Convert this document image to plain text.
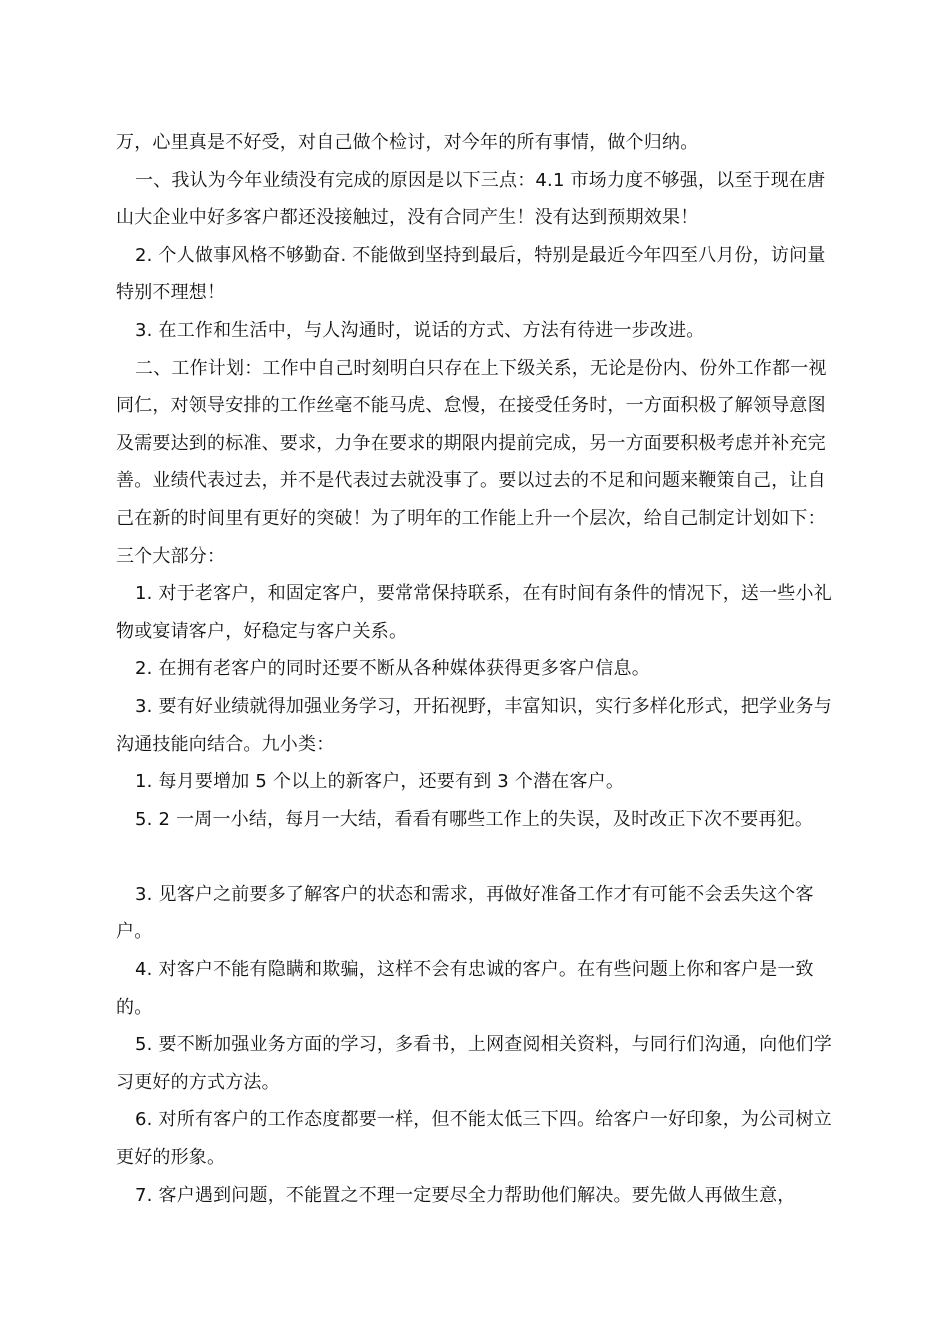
万，心里真是不好受，对自己做个检讨，对今年的所有事情，做个归纳。

一、我认为今年业绩没有完成的原因是以下三点：4.1 市场力度不够强，以至于现在唐山大企业中好多客户都还没接触过，没有合同产生！没有达到预期效果！

2. 个人做事风格不够勤奋. 不能做到坚持到最后，特别是最近今年四至八月份，访问量特别不理想！

3. 在工作和生活中，与人沟通时，说话的方式、方法有待进一步改进。

二、工作计划：工作中自己时刻明白只存在上下级关系，无论是份内、份外工作都一视同仁，对领导安排的工作丝毫不能马虎、怠慢，在接受任务时，一方面积极了解领导意图及需要达到的标准、要求，力争在要求的期限内提前完成，另一方面要积极考虑并补充完善。业绩代表过去，并不是代表过去就没事了。要以过去的不足和问题来鞭策自己，让自己在新的时间里有更好的突破！为了明年的工作能上升一个层次，给自己制定计划如下：三个大部分：

1. 对于老客户，和固定客户，要常常保持联系，在有时间有条件的情况下，送一些小礼物或宴请客户，好稳定与客户关系。

2. 在拥有老客户的同时还要不断从各种媒体获得更多客户信息。

3. 要有好业绩就得加强业务学习，开拓视野，丰富知识，实行多样化形式，把学业务与沟通技能向结合。九小类：

1. 每月要增加 5 个以上的新客户，还要有到 3 个潜在客户。

5. 2 一周一小结，每月一大结，看看有哪些工作上的失误，及时改正下次不要再犯。

3. 见客户之前要多了解客户的状态和需求，再做好准备工作才有可能不会丢失这个客户。

4. 对客户不能有隐瞒和欺骗，这样不会有忠诚的客户。在有些问题上你和客户是一致的。

5. 要不断加强业务方面的学习，多看书，上网查阅相关资料，与同行们沟通，向他们学习更好的方式方法。

6. 对所有客户的工作态度都要一样，但不能太低三下四。给客户一好印象，为公司树立更好的形象。

7. 客户遇到问题，不能置之不理一定要尽全力帮助他们解决。要先做人再做生意，
